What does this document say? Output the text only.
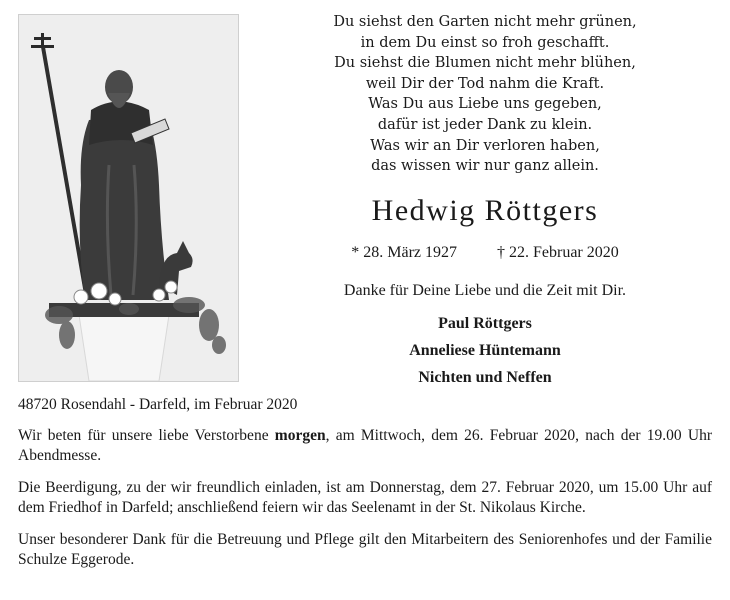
Du siehst den Garten nicht mehr grünen,
in dem Du einst so froh geschafft.
Du siehst die Blumen nicht mehr blühen,
weil Dir der Tod nahm die Kraft.
Was Du aus Liebe uns gegeben,
dafür ist jeder Dank zu klein.
Was wir an Dir verloren haben,
das wissen wir nur ganz allein.
Hedwig Röttgers
* 28. März 1927	† 22. Februar 2020
Danke für Deine Liebe und die Zeit mit Dir.
Paul Röttgers
Anneliese Hüntemann
Nichten und Neffen

48720 Rosendahl - Darfeld, im Februar 2020

Wir beten für unsere liebe Verstorbene morgen, am Mittwoch, dem 26. Februar 2020, nach der 19.00 Uhr Abendmesse.

Die Beerdigung, zu der wir freundlich einladen, ist am Donnerstag, dem 27. Februar 2020, um 15.00 Uhr auf dem Friedhof in Darfeld; anschließend feiern wir das Seelenamt in der St. Nikolaus Kirche.

Unser besonderer Dank für die Betreuung und Pflege gilt den Mitarbeitern des Seniorenhofes und der Familie Schulze Eggerode.
